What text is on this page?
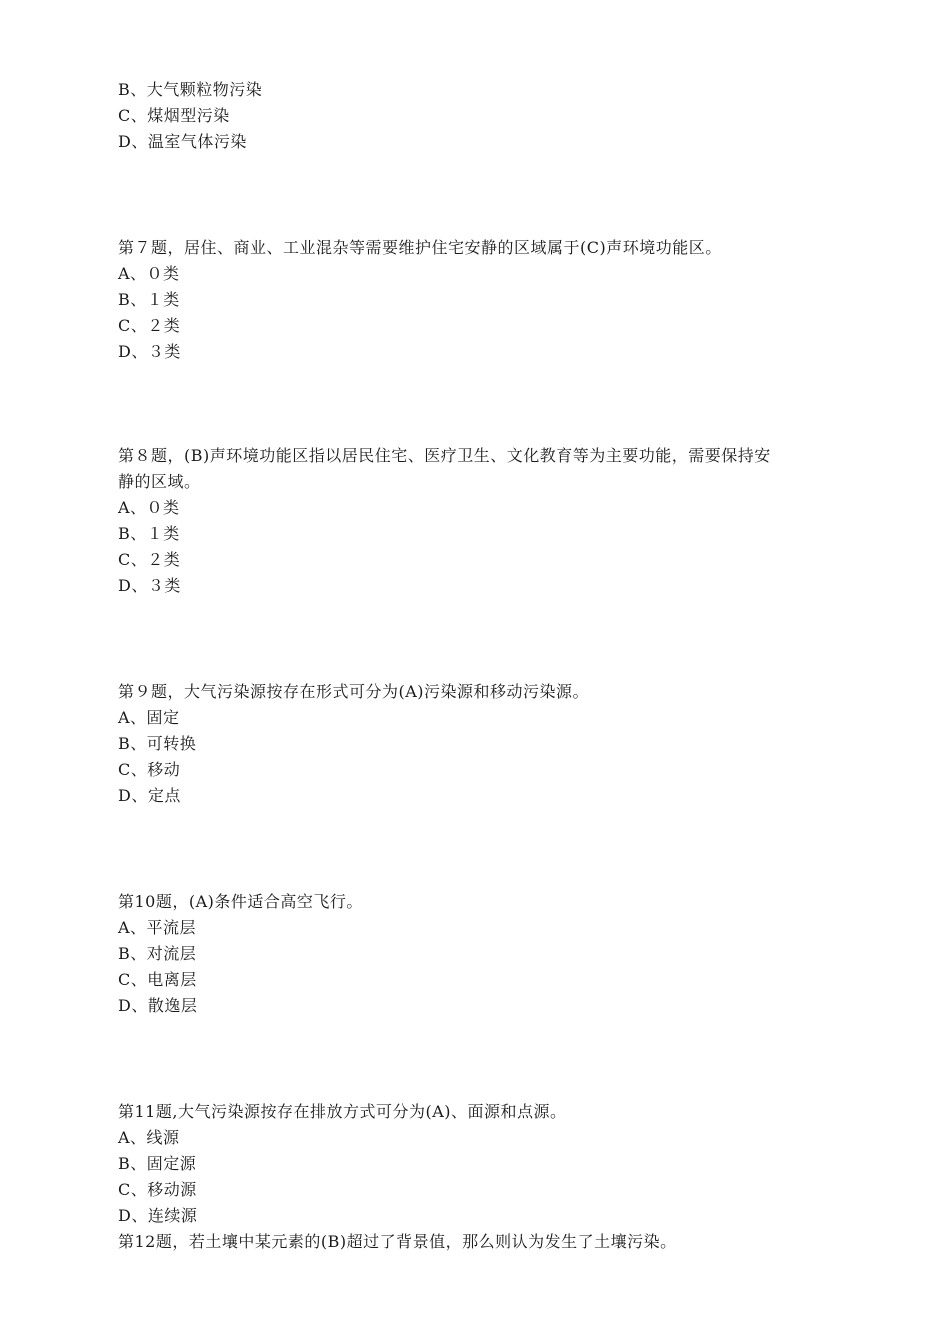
B、大气颗粒物污染
C、煤烟型污染
D、温室气体污染
第７题，居住、商业、工业混杂等需要维护住宅安静的区域属于(C)声环境功能区。
A、０类
B、１类
C、２类
D、３类
第８题，(B)声环境功能区指以居民住宅、医疗卫生、文化教育等为主要功能，需要保持安
静的区域。
A、０类
B、１类
C、２类
D、３类
第９题，大气污染源按存在形式可分为(A)污染源和移动污染源。
A、固定
B、可转换
C、移动
D、定点
第10题，(A)条件适合高空飞行。
A、平流层
B、对流层
C、电离层
D、散逸层
第11题,大气污染源按存在排放方式可分为(A)、面源和点源。
A、线源
B、固定源
C、移动源
D、连续源
第12题，若土壤中某元素的(B)超过了背景值，那么则认为发生了土壤污染。
